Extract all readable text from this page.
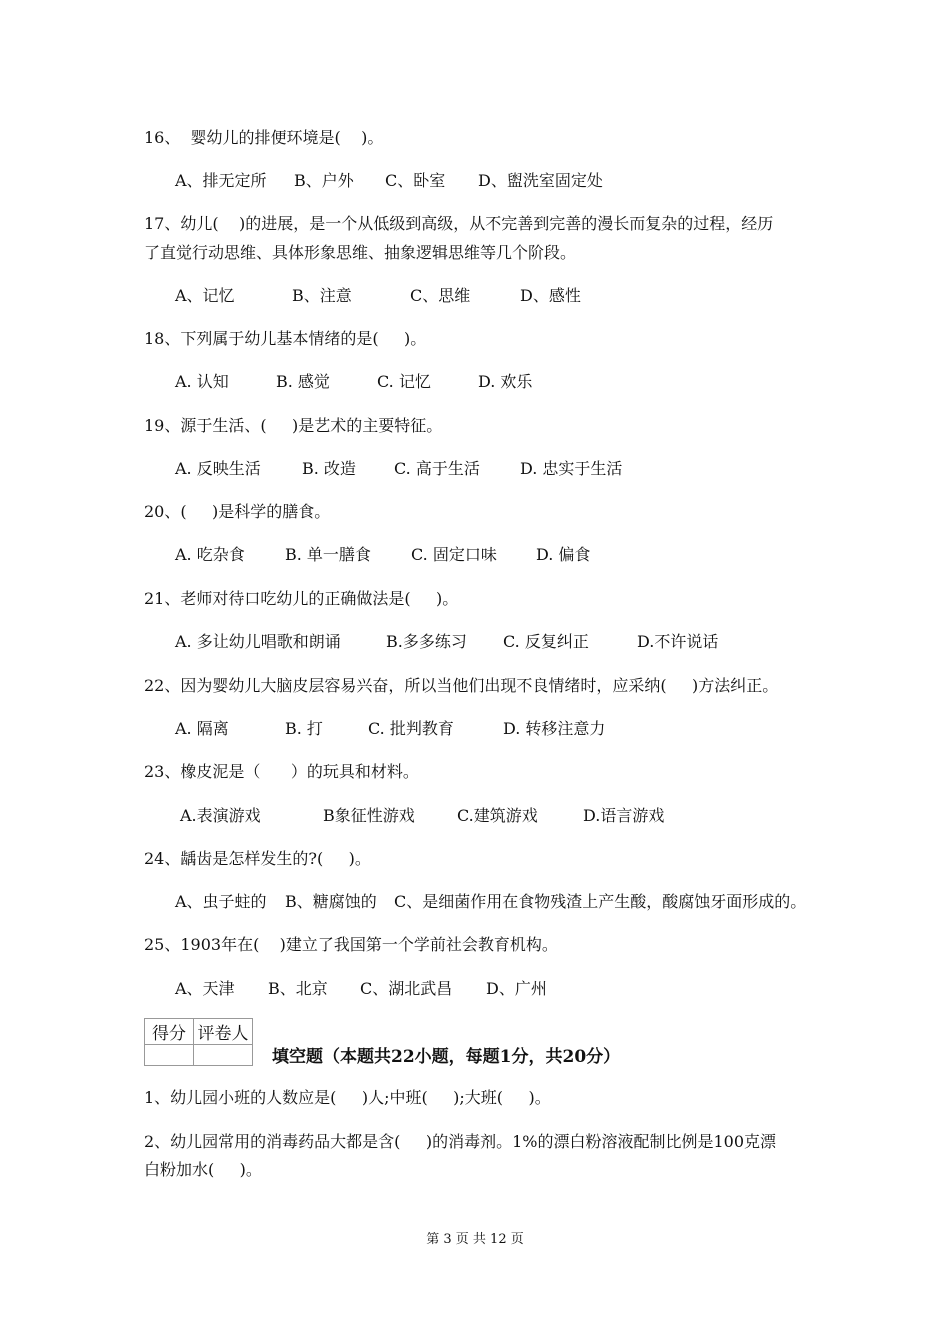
16、  婴幼儿的排便环境是(    )。

A、排无定所

B、户外

C、卧室

D、盥洗室固定处

17、幼儿(    )的进展，是一个从低级到高级，从不完善到完善的漫长而复杂的过程，经历
了直觉行动思维、具体形象思维、抽象逻辑思维等几个阶段。

A、记忆

	B、注意

	C、思维

	D、感性

18、下列属于幼儿基本情绪的是(     )。

A. 认知

	B. 感觉

	C. 记忆

	D. 欢乐

19、源于生活、(     )是艺术的主要特征。

A. 反映生活

	B. 改造

C. 高于生活

	D. 忠实于生活

20、(     )是科学的膳食。

A. 吃杂食

	B. 单一膳食

	C. 固定口味

D. 偏食

21、老师对待口吃幼儿的正确做法是(     )。

A. 多让幼儿唱歌和朗诵

	B.多多练习

C. 反复纠正

	D.不许说话

22、因为婴幼儿大脑皮层容易兴奋，所以当他们出现不良情绪时，应采纳(     )方法纠正。

A. 隔离

	B. 打

	C. 批判教育

	D. 转移注意力

23、橡皮泥是（      ）的玩具和材料。

A.表演游戏

	B象征性游戏

	C.建筑游戏

	D.语言游戏

24、龋齿是怎样发生的?(     )。

A、虫子蛀的

B、糖腐蚀的

C、是细菌作用在食物残渣上产生酸，酸腐蚀牙面形成的。

25、1903年在(    )建立了我国第一个学前社会教育机构。

A、天津

B、北京

C、湖北武昌

D、广州

得分	评卷人

填空题（本题共22小题，每题1分，共20分）
1、幼儿园小班的人数应是(     )人;中班(     );大班(     )。
2、幼儿园常用的消毒药品大都是含(     )的消毒剂。1%的漂白粉溶液配制比例是100克漂
白粉加水(     )。
第 3 页 共 12 页
